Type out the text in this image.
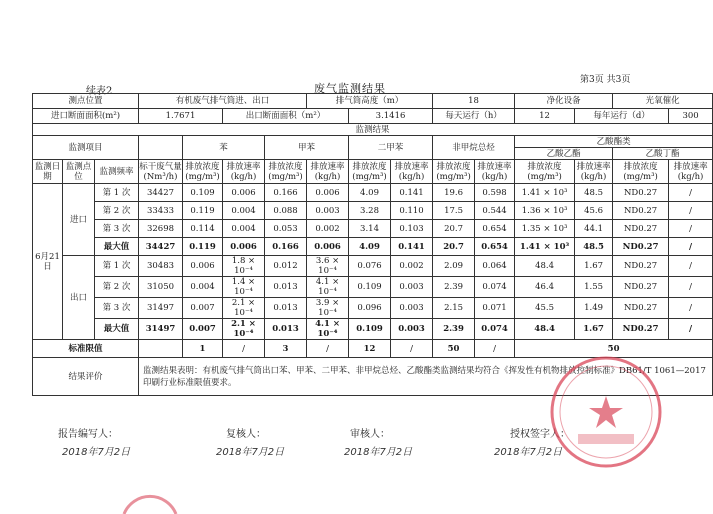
第3页 共3页
续表2	废气监测结果
测点位置			有机废气排气筒进、出口				排气筒高度（m）			18		净化设备		光氧催化	
进口断面面积(m²)			1.7671		出口断面面积（m²）			3.1416		每天运行（h）		12	每年运行（d）		300
监测结果															
监测项目				苯		甲苯		二甲苯		非甲烷总烃		乙酸酯类			
												乙酸乙酯		乙酸丁酯	
监测日期	监测点位	监测频率	标干废气量(Nm³/h)	排放浓度(mg/m³)	排放速率(kg/h)	排放浓度(mg/m³)	排放速率(kg/h)	排放浓度(mg/m³)	排放速率(kg/h)	排放浓度(mg/m³)	排放速率(kg/h)	排放浓度(mg/m³)	排放速率(kg/h)	排放浓度(mg/m³)	排放速率(kg/h)
6月21日	进口	第 1 次	34427	0.109	0.006	0.166	0.006	4.09	0.141	19.6	0.598	1.41 × 10³	48.5	ND0.27	/
		第 2 次	33433	0.119	0.004	0.088	0.003	3.28	0.110	17.5	0.544	1.36 × 10³	45.6	ND0.27	/
		第 3 次	32698	0.114	0.004	0.053	0.002	3.14	0.103	20.7	0.654	1.35 × 10³	44.1	ND0.27	/
		最大值	34427	0.119	0.006	0.166	0.006	4.09	0.141	20.7	0.654	1.41 × 10³	48.5	ND0.27	/
	出口	第 1 次	30483	0.006	1.8 × 10⁻⁴	0.012	3.6 × 10⁻⁴	0.076	0.002	2.09	0.064	48.4	1.67	ND0.27	/
		第 2 次	31050	0.004	1.4 × 10⁻⁴	0.013	4.1 × 10⁻⁴	0.109	0.003	2.39	0.074	46.4	1.55	ND0.27	/
		第 3 次	31497	0.007	2.1 × 10⁻⁴	0.013	3.9 × 10⁻⁴	0.096	0.003	2.15	0.071	45.5	1.49	ND0.27	/
		最大值	31497	0.007	2.1 × 10⁻⁴	0.013	4.1 × 10⁻⁴	0.109	0.003	2.39	0.074	48.4	1.67	ND0.27	/
标准限值				1	/	3	/	12	/	50	/	50			
结果评价			监测结果表明：有机废气排气筒出口苯、甲苯、二甲苯、非甲烷总烃、乙酸酯类监测结果均符合《挥发性有机物排放控制标准》DB61/T 1061—2017 印刷行业标准限值要求。												
报告编写人：	复核人：	审核人：	授权签字人：
2018年7月2日	2018年7月2日	2018年7月2日	2018年7月2日
